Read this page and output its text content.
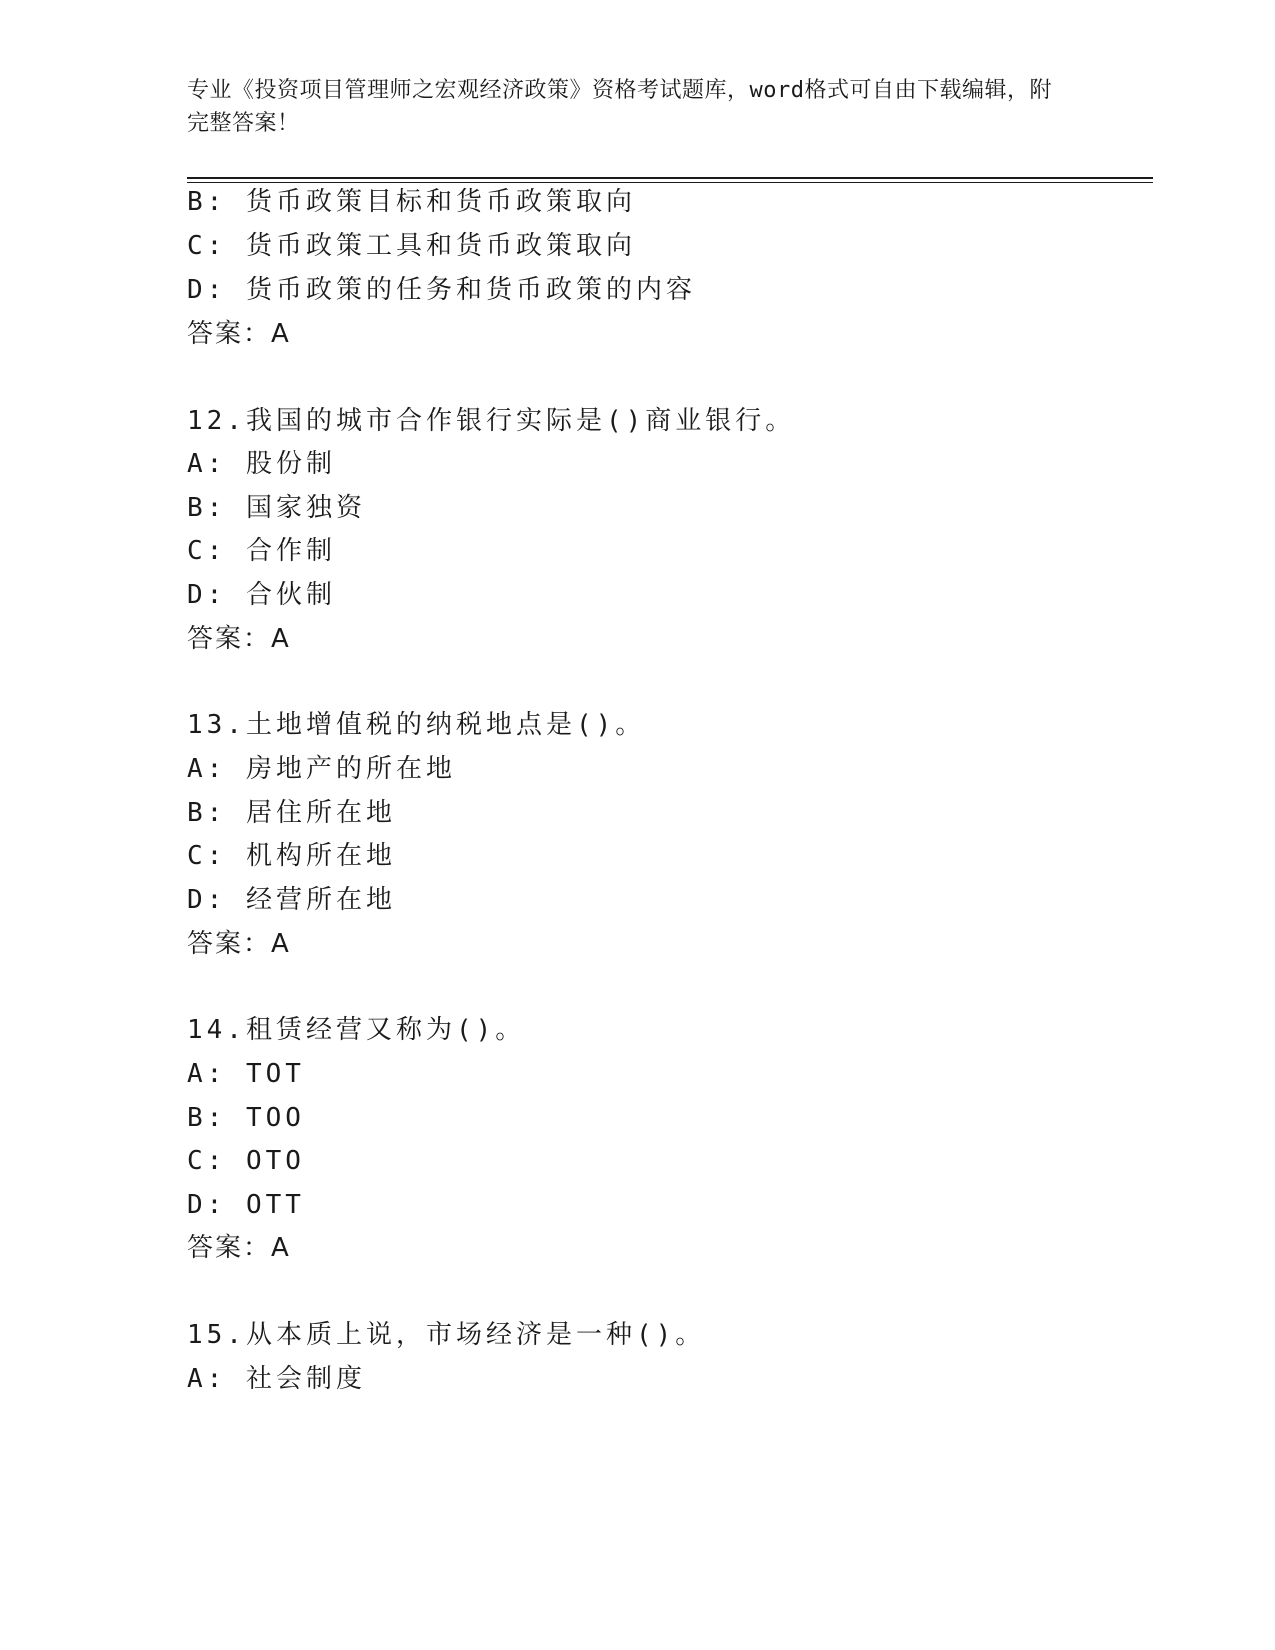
专业《投资项目管理师之宏观经济政策》资格考试题库，word格式可自由下载编辑，附完整答案！
B: 货币政策目标和货币政策取向
C: 货币政策工具和货币政策取向
D: 货币政策的任务和货币政策的内容
答案：A
12.我国的城市合作银行实际是()商业银行。
A: 股份制
B: 国家独资
C: 合作制
D: 合伙制
答案：A
13.土地增值税的纳税地点是()。
A: 房地产的所在地
B: 居住所在地
C: 机构所在地
D: 经营所在地
答案：A
14.租赁经营又称为()。
A: TOT
B: TOO
C: OTO
D: OTT
答案：A
15.从本质上说，市场经济是一种()。
A: 社会制度
